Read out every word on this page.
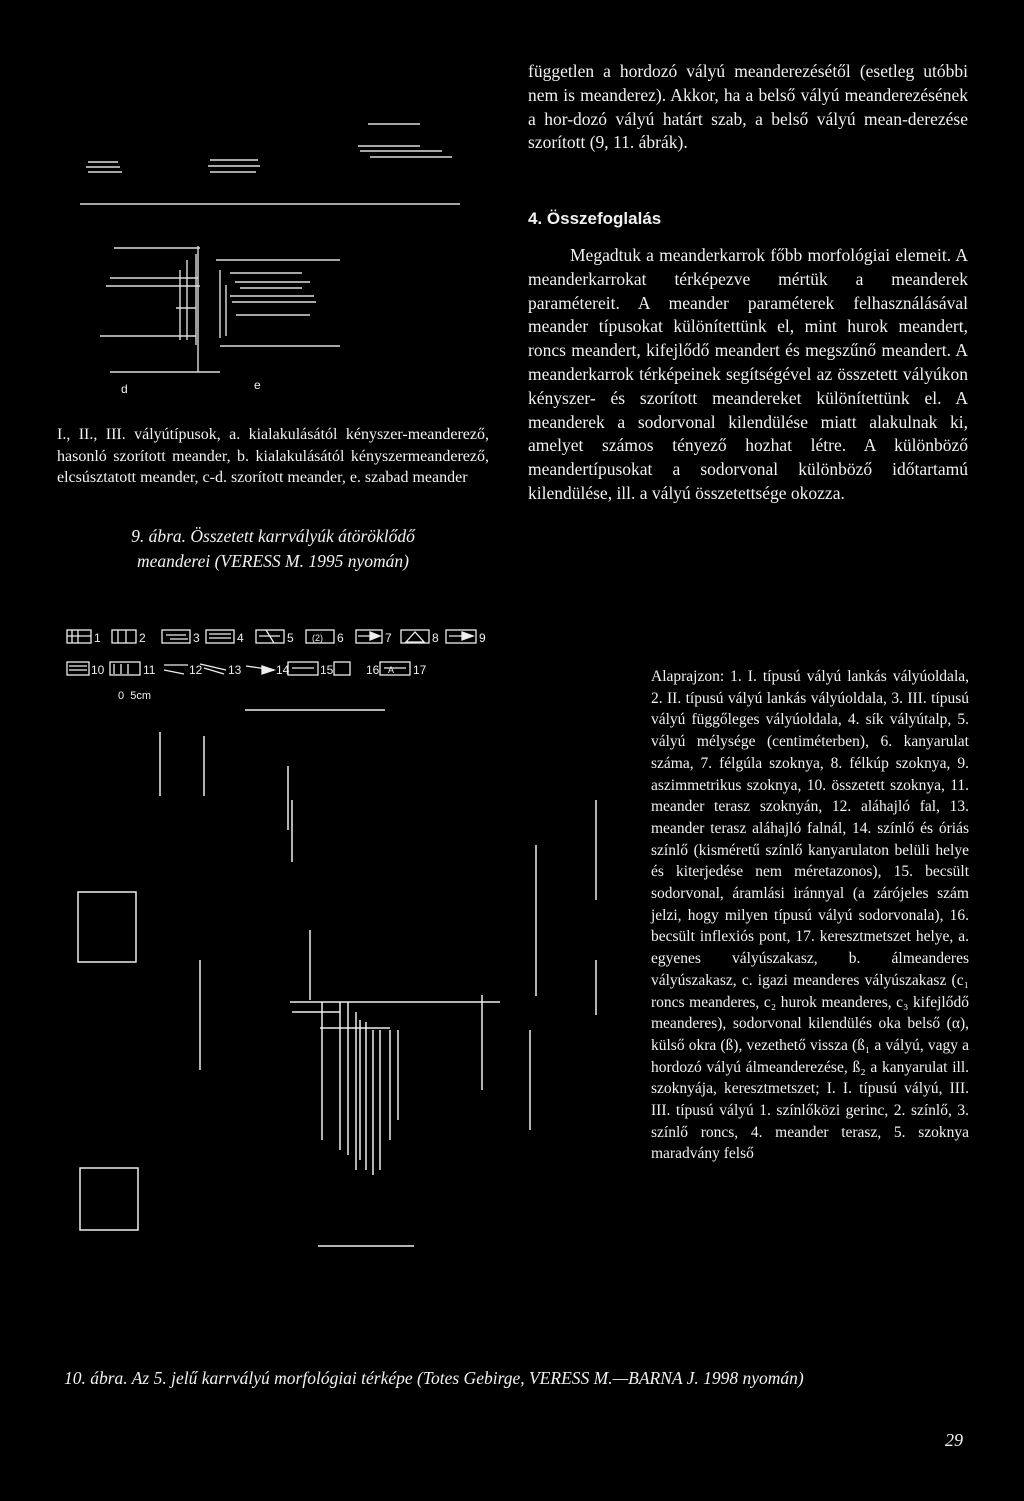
d	e
I., II., III. vályútípusok, a. kialakulásától kényszer-meanderező, hasonló szorított meander, b. kialakulásától kényszermeanderező, elcsúsztatott meander, c-d. szorított meander, e. szabad meander
9. ábra. Összetett karrvályúk átöröklődő
meanderei (VERESS M. 1995 nyomán)
független a hordozó vályú meanderezésétől (esetleg utóbbi nem is meanderez). Akkor, ha a belső vályú meanderezésének a hor-dozó vályú határt szab, a belső vályú mean-derezése szorított (9, 11. ábrák).
4. Összefoglalás
Megadtuk a meanderkarrok főbb morfológiai elemeit. A meanderkarrokat térképezve mértük a meanderek paramétereit. A meander paraméterek felhasználásával meander típusokat különítettünk el, mint hurok meandert, roncs meandert, kifejlődő meandert és megszűnő meandert. A meanderkarrok térképeinek segítségével az összetett vályúkon kényszer- és szorított meandereket különítettünk el. A meanderek a sodorvonal kilendülése miatt alakulnak ki, amelyet számos tényező hozhat létre. A különböző meandertípusokat a sodorvonal különböző időtartamú kilendülése, ill. a vályú összetettsége okozza.
1	2	3	4	5 (2) 6	7	8	9
10	11	12 13	14	15	16 A 17
0  5cm
Alaprajzon: 1. I. típusú vályú lankás vályúoldala, 2. II. típusú vályú lankás vályúoldala, 3. III. típusú vályú függőleges vályúoldala, 4. sík vályútalp, 5. vályú mélysége (centiméterben), 6. kanyarulat száma, 7. félgúla szoknya, 8. félkúp szoknya, 9. aszimmetrikus szoknya, 10. összetett szoknya, 11. meander terasz szoknyán, 12. aláhajló fal, 13. meander terasz aláhajló falnál, 14. színlő és óriás színlő (kisméretű színlő kanyarulaton belüli helye és kiterjedése nem méretazonos), 15. becsült sodorvonal, áramlási iránnyal (a zárójeles szám jelzi, hogy milyen típusú vályú sodorvonala), 16. becsült inflexiós pont, 17. keresztmetszet helye, a. egyenes vályúszakasz, b. álmeanderes vályúszakasz, c. igazi meanderes vályúszakasz (c₁ roncs meanderes, c₂ hurok meanderes, c₃ kifejlődő meanderes), sodorvonal kilendülés oka belső (α), külső okra (ß), vezethető vissza (ß₁ a vályú, vagy a hordozó vályú álmeanderezése, ß₂ a kanyarulat ill. szoknyája, keresztmetszet; I. I. típusú vályú, III. III. típusú vályú 1. színlőközi gerinc, 2. színlő, 3. színlő roncs, 4. meander terasz, 5. szoknya maradvány felső
10. ábra. Az 5. jelű karrvályú morfológiai térképe (Totes Gebirge, VERESS M.—BARNA J. 1998 nyomán)
29
